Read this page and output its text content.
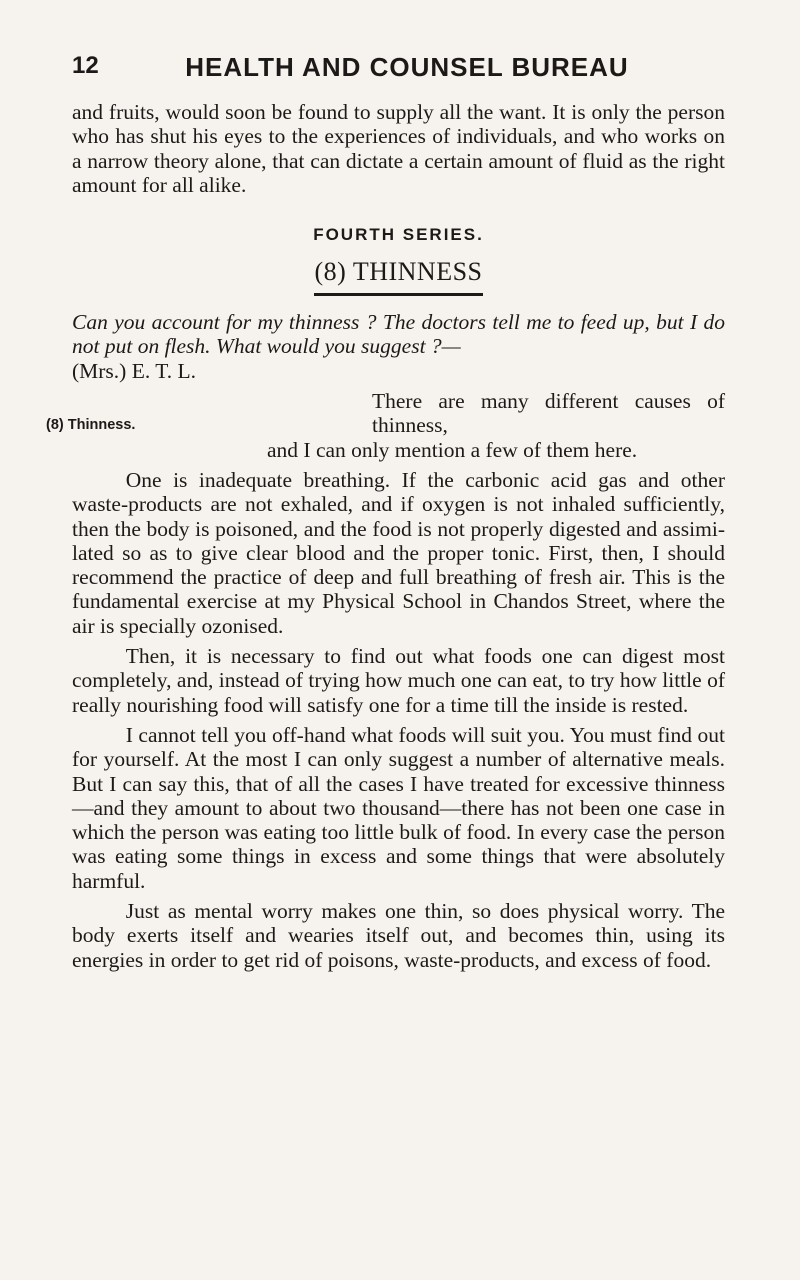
12	HEALTH AND COUNSEL BUREAU

and fruits, would soon be found to supply all the want. It is only the person who has shut his eyes to the experiences of individuals, and who works on a narrow theory alone, that can dictate a certain amount of fluid as the right amount for all alike.

FOURTH SERIES.
(8) THINNESS

Can you account for my thinness ? The doctors tell me to feed up, but I do not put on flesh. What would you suggest ?—
(Mrs.) E. T. L.

(8) Thinness.

There are many different causes of thinness,

and I can only mention a few of them here.

One is inadequate breathing. If the carbonic acid gas and other waste-products are not exhaled, and if oxygen is not inhaled sufficiently, then the body is poisoned, and the food is not properly digested and assimi-lated so as to give clear blood and the proper tonic. First, then, I should recommend the practice of deep and full breathing of fresh air. This is the fundamental exercise at my Physical School in Chandos Street, where the air is specially ozonised.

Then, it is necessary to find out what foods one can digest most completely, and, instead of trying how much one can eat, to try how little of really nourishing food will satisfy one for a time till the inside is rested.

I cannot tell you off-hand what foods will suit you. You must find out for yourself. At the most I can only suggest a number of alternative meals. But I can say this, that of all the cases I have treated for excessive thinness—and they amount to about two thousand—there has not been one case in which the person was eating too little bulk of food. In every case the person was eating some things in excess and some things that were absolutely harmful.

Just as mental worry makes one thin, so does physical worry. The body exerts itself and wearies itself out, and becomes thin, using its energies in order to get rid of poisons, waste-products, and excess of food.
